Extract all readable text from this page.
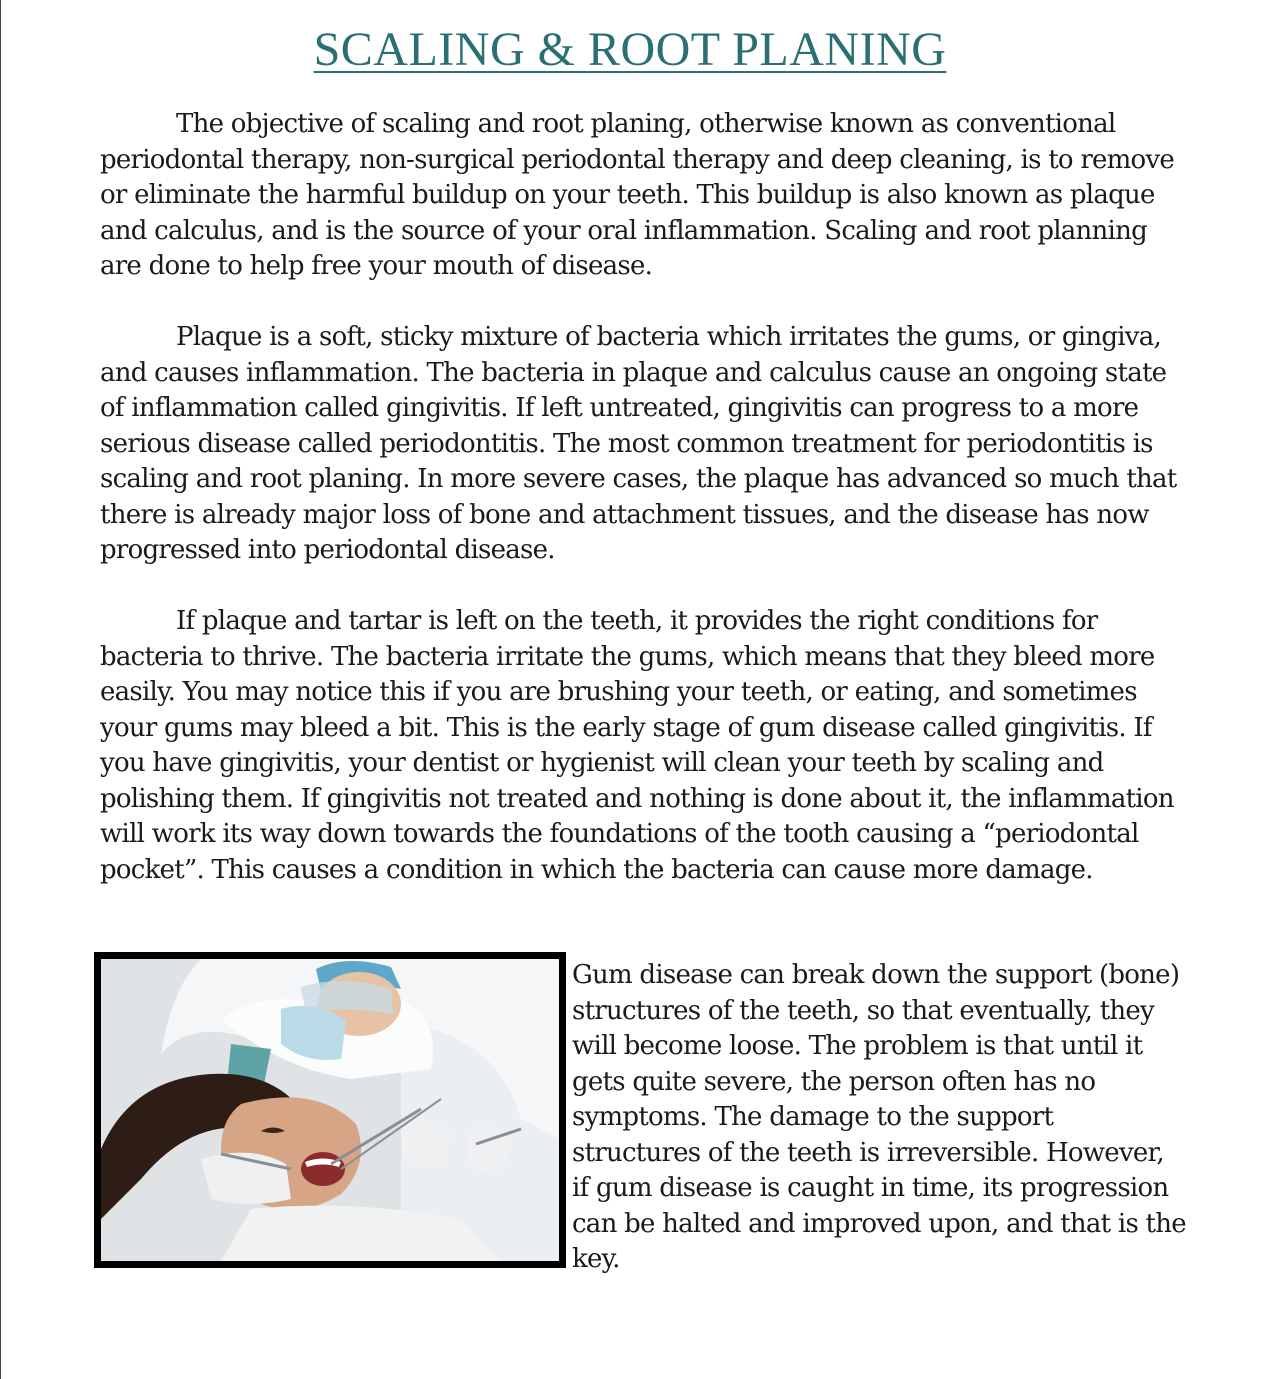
SCALING & ROOT PLANING

The objective of scaling and root planing, otherwise known as conventional periodontal therapy, non-surgical periodontal therapy and deep cleaning, is to remove or eliminate the harmful buildup on your teeth. This buildup is also known as plaque and calculus, and is the source of your oral inflammation. Scaling and root planning are done to help free your mouth of disease.

Plaque is a soft, sticky mixture of bacteria which irritates the gums, or gingiva, and causes inflammation. The bacteria in plaque and calculus cause an ongoing state of inflammation called gingivitis. If left untreated, gingivitis can progress to a more serious disease called periodontitis. The most common treatment for periodontitis is scaling and root planing. In more severe cases, the plaque has advanced so much that there is already major loss of bone and attachment tissues, and the disease has now progressed into periodontal disease.

If plaque and tartar is left on the teeth, it provides the right conditions for bacteria to thrive. The bacteria irritate the gums, which means that they bleed more easily. You may notice this if you are brushing your teeth, or eating, and sometimes your gums may bleed a bit. This is the early stage of gum disease called gingivitis. If you have gingivitis, your dentist or hygienist will clean your teeth by scaling and polishing them. If gingivitis not treated and nothing is done about it, the inflammation will work its way down towards the foundations of the tooth causing a “periodontal pocket”. This causes a condition in which the bacteria can cause more damage.

Gum disease can break down the support (bone) structures of the teeth, so that eventually, they will become loose. The problem is that until it gets quite severe, the person often has no symptoms. The damage to the support structures of the teeth is irreversible. However, if gum disease is caught in time, its progression can be halted and improved upon, and that is the key.
